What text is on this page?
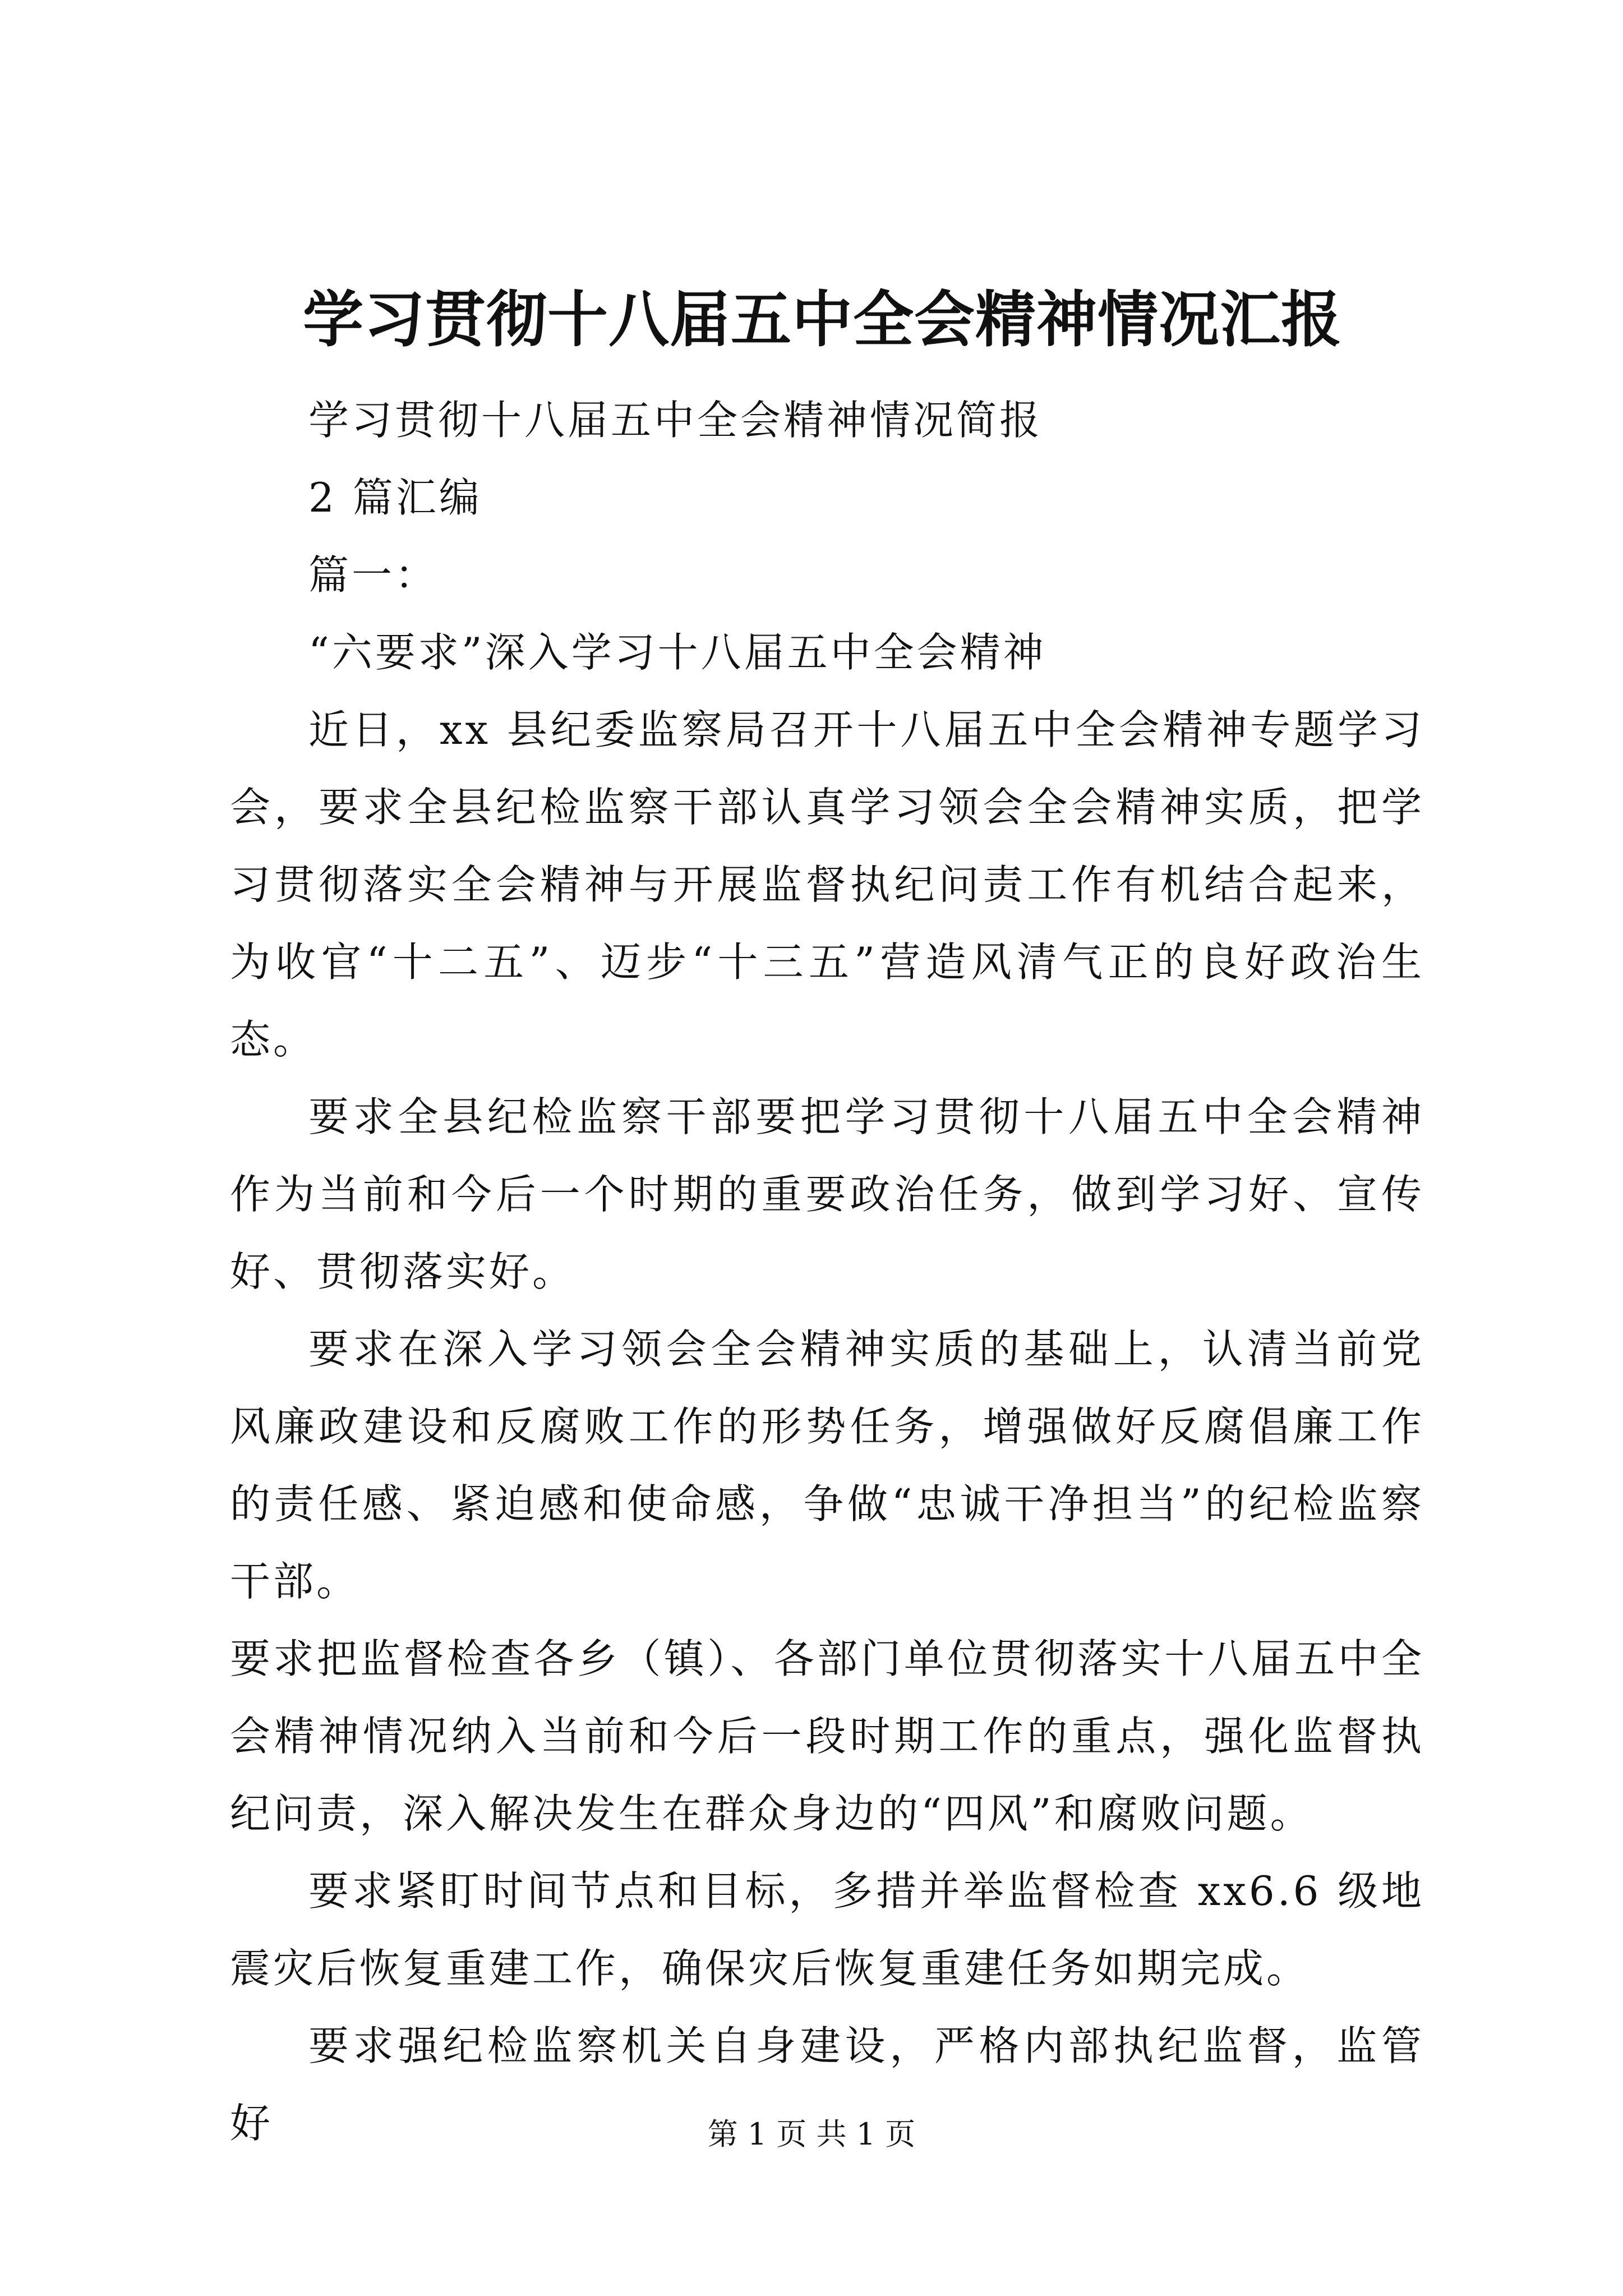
学习贯彻十八届五中全会精神情况汇报

学习贯彻十八届五中全会精神情况简报

2 篇汇编

篇一：

“六要求”深入学习十八届五中全会精神

近日，xx 县纪委监察局召开十八届五中全会精神专题学习会，要求全县纪检监察干部认真学习领会全会精神实质，把学习贯彻落实全会精神与开展监督执纪问责工作有机结合起来，为收官“十二五”、迈步“十三五”营造风清气正的良好政治生态。

要求全县纪检监察干部要把学习贯彻十八届五中全会精神作为当前和今后一个时期的重要政治任务，做到学习好、宣传好、贯彻落实好。

要求在深入学习领会全会精神实质的基础上，认清当前党风廉政建设和反腐败工作的形势任务，增强做好反腐倡廉工作的责任感、紧迫感和使命感，争做“忠诚干净担当”的纪检监察干部。

要求把监督检查各乡（镇）、各部门单位贯彻落实十八届五中全会精神情况纳入当前和今后一段时期工作的重点，强化监督执纪问责，深入解决发生在群众身边的“四风”和腐败问题。

要求紧盯时间节点和目标，多措并举监督检查 xx6.6 级地震灾后恢复重建工作，确保灾后恢复重建任务如期完成。

要求强纪检监察机关自身建设，严格内部执纪监督，监管好	第 1 页 共 1 页
